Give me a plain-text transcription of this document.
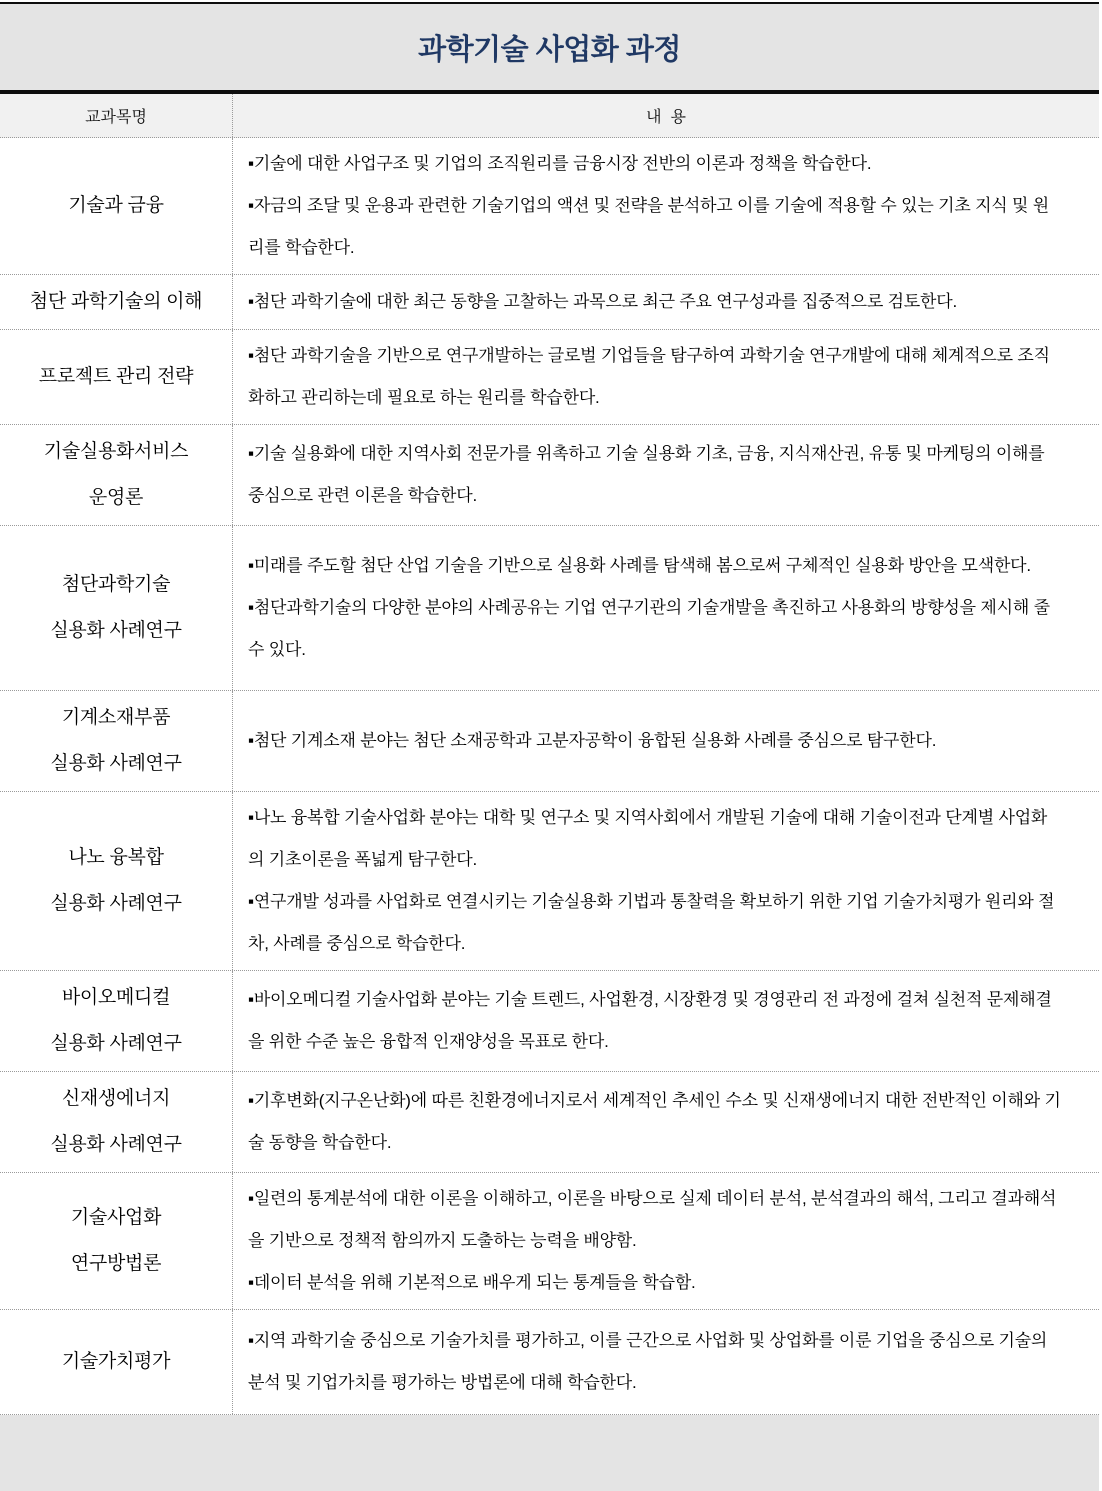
과학기술 사업화 과정
교과목명	내  용
기술과 금융

▪기술에 대한 사업구조 및 기업의 조직원리를 금융시장 전반의 이론과 정책을 학습한다.

▪자금의 조달 및 운용과 관련한 기술기업의 액션 및 전략을 분석하고 이를 기술에 적용할 수 있는 기초 지식 및 원리를 학습한다.

첨단 과학기술의 이해	▪첨단 과학기술에 대한 최근 동향을 고찰하는 과목으로 최근 주요 연구성과를 집중적으로 검토한다.

프로젝트 관리 전략

▪첨단 과학기술을 기반으로 연구개발하는 글로벌 기업들을 탐구하여 과학기술 연구개발에 대해 체계적으로 조직화하고 관리하는데 필요로 하는 원리를 학습한다.

기술실용화서비스
운영론

▪기술 실용화에 대한 지역사회 전문가를 위촉하고 기술 실용화 기초, 금융, 지식재산권, 유통 및 마케팅의 이해를 중심으로 관련 이론을 학습한다.

첨단과학기술
실용화 사례연구

▪미래를 주도할 첨단 산업 기술을 기반으로 실용화 사례를 탐색해 봄으로써 구체적인 실용화 방안을 모색한다.

▪첨단과학기술의 다양한 분야의 사례공유는 기업 연구기관의 기술개발을 촉진하고 사용화의 방향성을 제시해 줄 수 있다.

기계소재부품
실용화 사례연구

▪첨단 기계소재 분야는 첨단 소재공학과 고분자공학이 융합된 실용화 사례를 중심으로 탐구한다.

나노 융복합
실용화 사례연구

▪나노 융복합 기술사업화 분야는 대학 및 연구소 및 지역사회에서 개발된 기술에 대해 기술이전과 단계별 사업화의 기초이론을 폭넓게 탐구한다.

▪연구개발 성과를 사업화로 연결시키는 기술실용화 기법과 통찰력을 확보하기 위한 기업 기술가치평가 원리와 절차, 사례를 중심으로 학습한다.

바이오메디컬
실용화 사례연구

▪바이오메디컬 기술사업화 분야는 기술 트렌드, 사업환경, 시장환경 및 경영관리 전 과정에 걸쳐 실천적 문제해결을 위한 수준 높은 융합적 인재양성을 목표로 한다.

신재생에너지
실용화 사례연구

▪기후변화(지구온난화)에 따른 친환경에너지로서 세계적인 추세인 수소 및 신재생에너지 대한 전반적인 이해와 기술 동향을 학습한다.

기술사업화
연구방법론

▪일련의 통계분석에 대한 이론을 이해하고, 이론을 바탕으로 실제 데이터 분석, 분석결과의 해석, 그리고 결과해석을 기반으로 정책적 함의까지 도출하는 능력을 배양함.

▪데이터 분석을 위해 기본적으로 배우게 되는 통계들을 학습함.

기술가치평가

▪지역 과학기술 중심으로 기술가치를 평가하고, 이를 근간으로 사업화 및 상업화를 이룬 기업을 중심으로 기술의 분석 및 기업가치를 평가하는 방법론에 대해 학습한다.
